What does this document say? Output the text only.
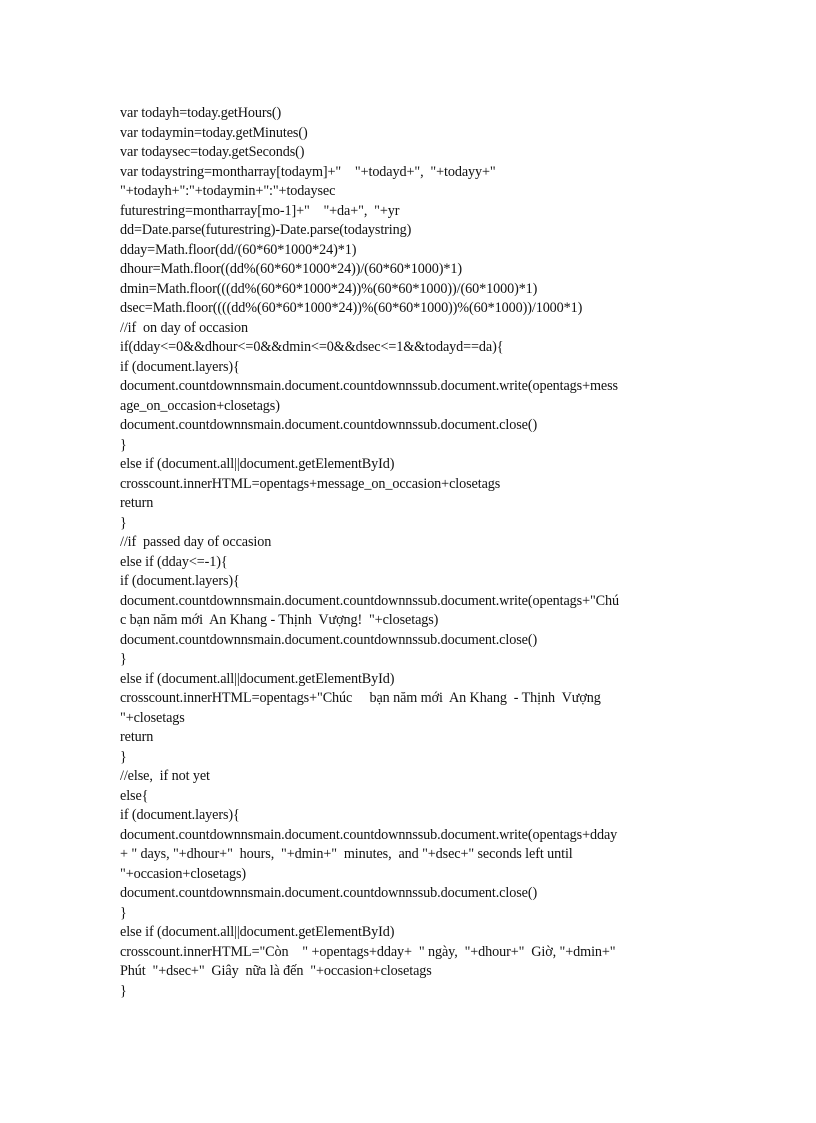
var todayh=today.getHours()
var todaymin=today.getMinutes()
var todaysec=today.getSeconds()
var todaystring=montharray[todaym]+"    "+todayd+",  "+todayy+"
"+todayh+":"+todaymin+":"+todaysec
futurestring=montharray[mo-1]+"    "+da+",  "+yr
dd=Date.parse(futurestring)-Date.parse(todaystring)
dday=Math.floor(dd/(60*60*1000*24)*1)
dhour=Math.floor((dd%(60*60*1000*24))/(60*60*1000)*1)
dmin=Math.floor(((dd%(60*60*1000*24))%(60*60*1000))/(60*1000)*1)
dsec=Math.floor((((dd%(60*60*1000*24))%(60*60*1000))%(60*1000))/1000*1)
//if  on day of occasion
if(dday<=0&&dhour<=0&&dmin<=0&&dsec<=1&&todayd==da){
if (document.layers){
document.countdownnsmain.document.countdownnssub.document.write(opentags+mess
age_on_occasion+closetags)
document.countdownnsmain.document.countdownnssub.document.close()
}
else if (document.all||document.getElementById)
crosscount.innerHTML=opentags+message_on_occasion+closetags
return
}
//if  passed day of occasion
else if (dday<=-1){
if (document.layers){
document.countdownnsmain.document.countdownnssub.document.write(opentags+"Chú
c bạn năm mới  An Khang - Thịnh  Vượng!  "+closetags)
document.countdownnsmain.document.countdownnssub.document.close()
}
else if (document.all||document.getElementById)
crosscount.innerHTML=opentags+"Chúc     bạn năm mới  An Khang  - Thịnh  Vượng
"+closetags
return
}
//else,  if not yet
else{
if (document.layers){
document.countdownnsmain.document.countdownnssub.document.write(opentags+dday
+ " days, "+dhour+"  hours,  "+dmin+"  minutes,  and "+dsec+" seconds left until
"+occasion+closetags)
document.countdownnsmain.document.countdownnssub.document.close()
}
else if (document.all||document.getElementById)
crosscount.innerHTML="Còn    " +opentags+dday+  " ngày,  "+dhour+"  Giờ, "+dmin+"
Phút  "+dsec+"  Giây  nữa là đến  "+occasion+closetags
}
